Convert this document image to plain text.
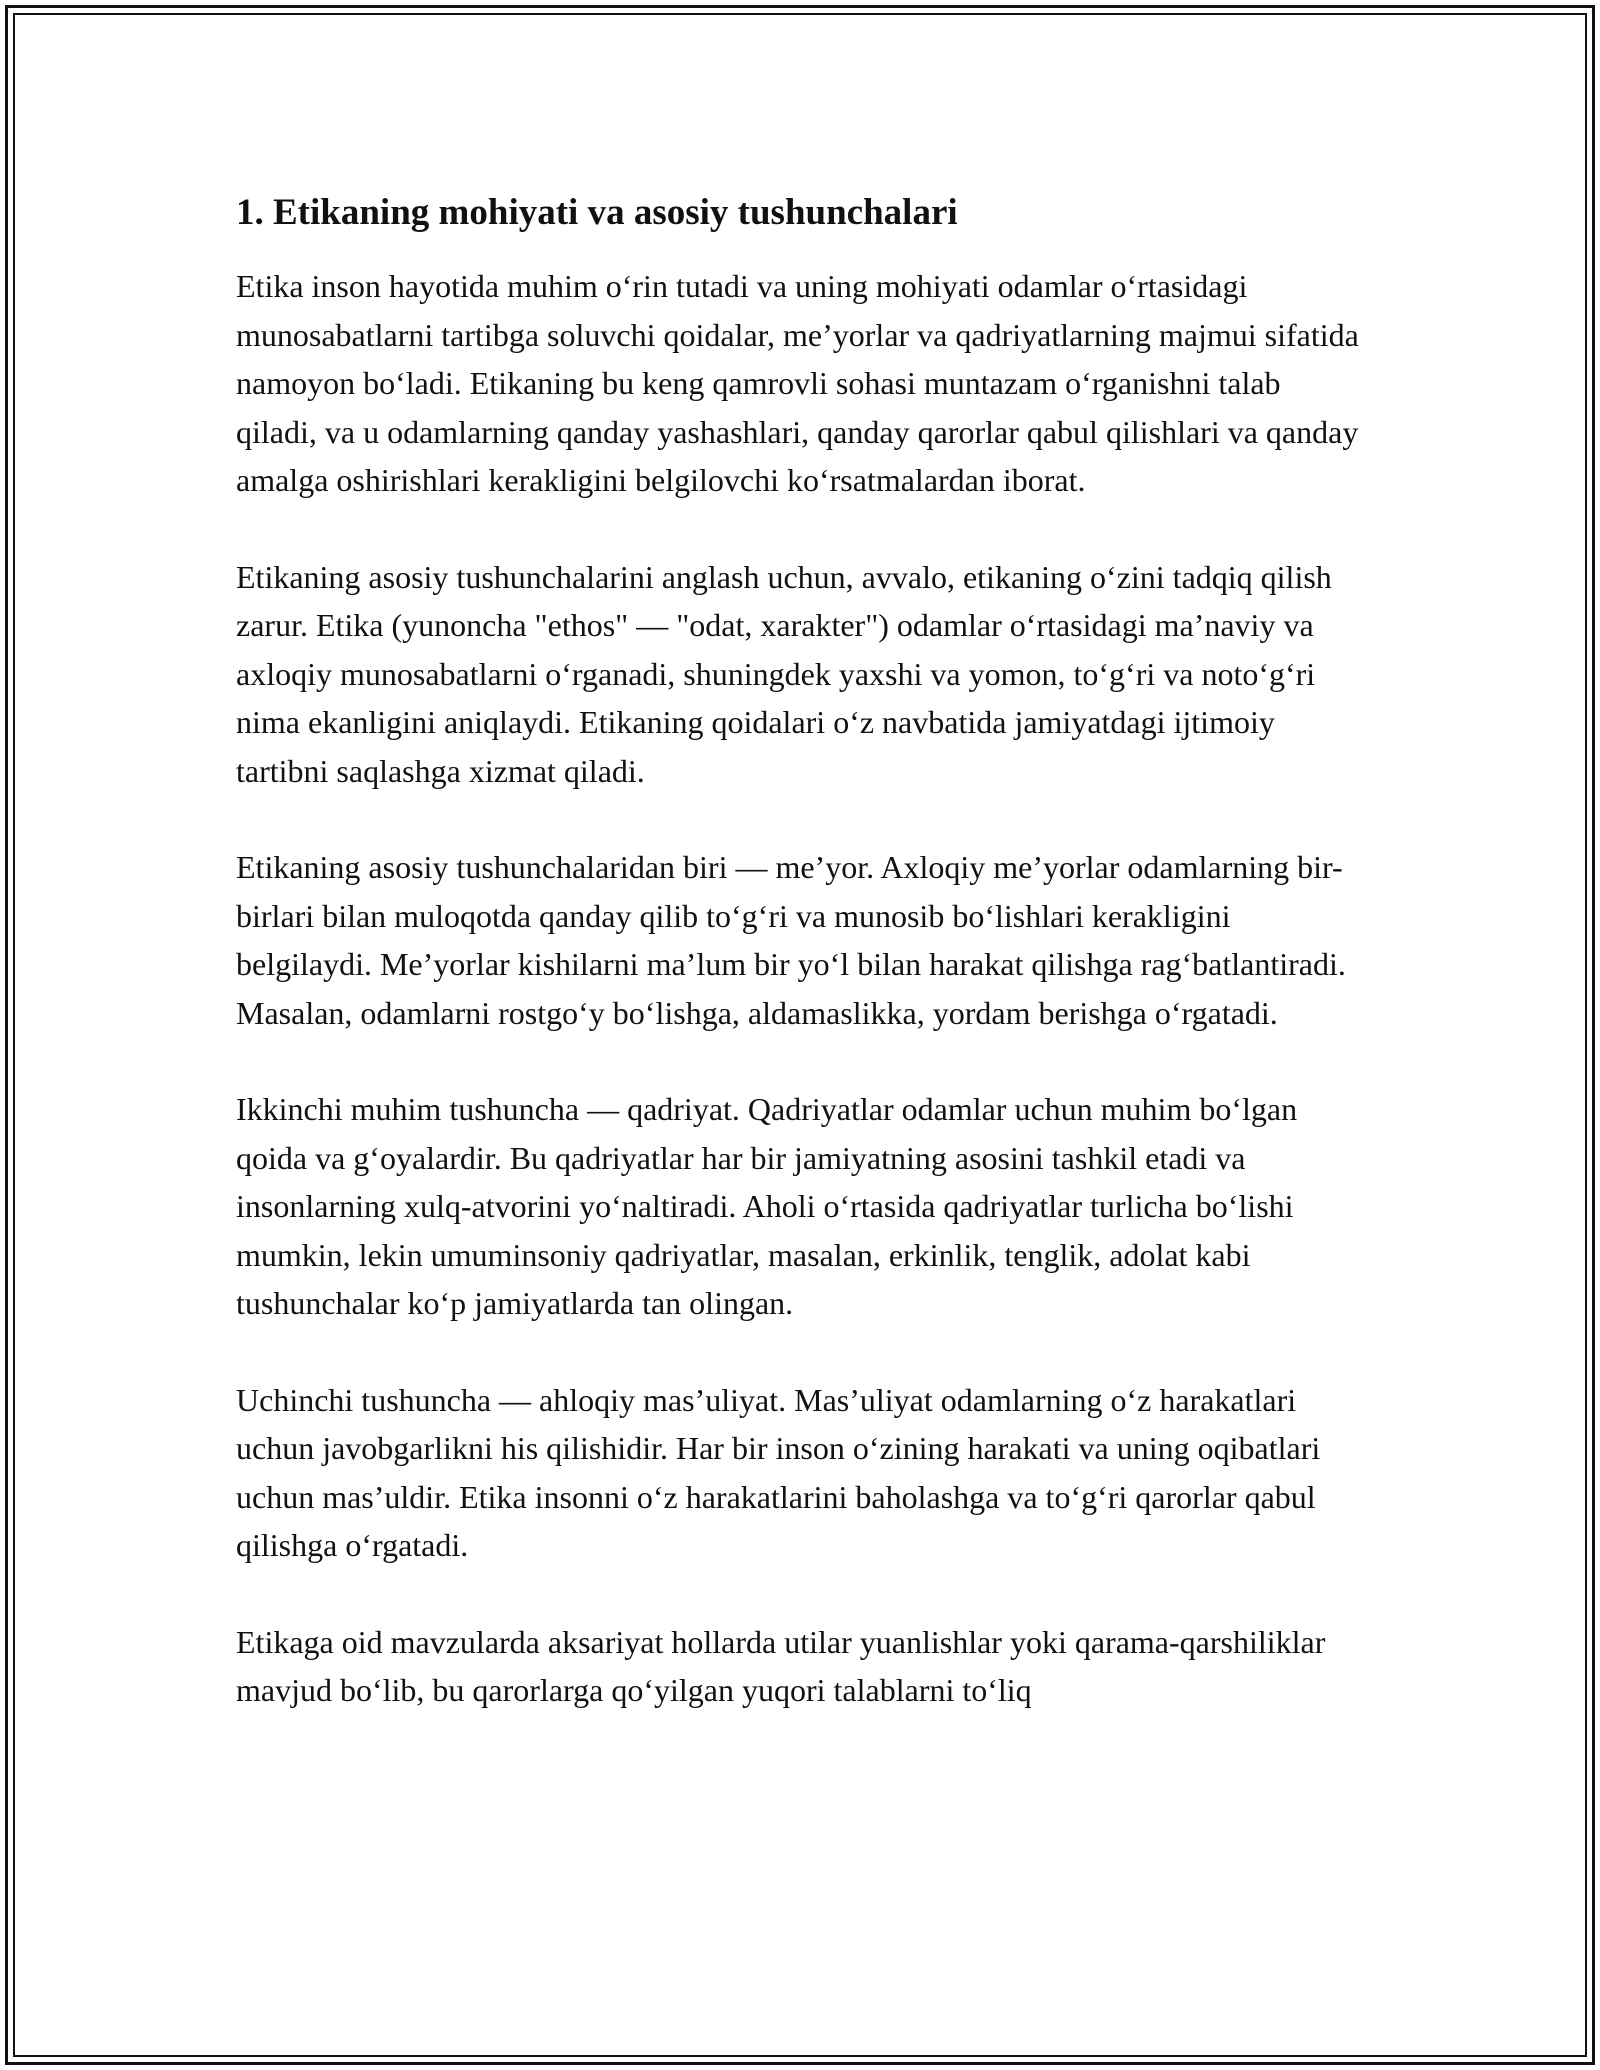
1. Etikaning mohiyati va asosiy tushunchalari

Etika inson hayotida muhim o‘rin tutadi va uning mohiyati odamlar o‘rtasidagi munosabatlarni tartibga soluvchi qoidalar, me’yorlar va qadriyatlarning majmui sifatida namoyon bo‘ladi. Etikaning bu keng qamrovli sohasi muntazam o‘rganishni talab qiladi, va u odamlarning qanday yashashlari, qanday qarorlar qabul qilishlari va qanday amalga oshirishlari kerakligini belgilovchi ko‘rsatmalardan iborat.

Etikaning asosiy tushunchalarini anglash uchun, avvalo, etikaning o‘zini tadqiq qilish zarur. Etika (yunoncha "ethos" — "odat, xarakter") odamlar o‘rtasidagi ma’naviy va axloqiy munosabatlarni o‘rganadi, shuningdek yaxshi va yomon, to‘g‘ri va noto‘g‘ri nima ekanligini aniqlaydi. Etikaning qoidalari o‘z navbatida jamiyatdagi ijtimoiy tartibni saqlashga xizmat qiladi.

Etikaning asosiy tushunchalaridan biri — me’yor. Axloqiy me’yorlar odamlarning bir-birlari bilan muloqotda qanday qilib to‘g‘ri va munosib bo‘lishlari kerakligini belgilaydi. Me’yorlar kishilarni ma’lum bir yo‘l bilan harakat qilishga rag‘batlantiradi. Masalan, odamlarni rostgo‘y bo‘lishga, aldamaslikka, yordam berishga o‘rgatadi.

Ikkinchi muhim tushuncha — qadriyat. Qadriyatlar odamlar uchun muhim bo‘lgan qoida va g‘oyalardir. Bu qadriyatlar har bir jamiyatning asosini tashkil etadi va insonlarning xulq-atvorini yo‘naltiradi. Aholi o‘rtasida qadriyatlar turlicha bo‘lishi mumkin, lekin umuminsoniy qadriyatlar, masalan, erkinlik, tenglik, adolat kabi tushunchalar ko‘p jamiyatlarda tan olingan.

Uchinchi tushuncha — ahloqiy mas’uliyat. Mas’uliyat odamlarning o‘z harakatlari uchun javobgarlikni his qilishidir. Har bir inson o‘zining harakati va uning oqibatlari uchun mas’uldir. Etika insonni o‘z harakatlarini baholashga va to‘g‘ri qarorlar qabul qilishga o‘rgatadi.

Etikaga oid mavzularda aksariyat hollarda utilar yuanlishlar yoki qarama-qarshiliklar mavjud bo‘lib, bu qarorlarga qo‘yilgan yuqori talablarni to‘liq
